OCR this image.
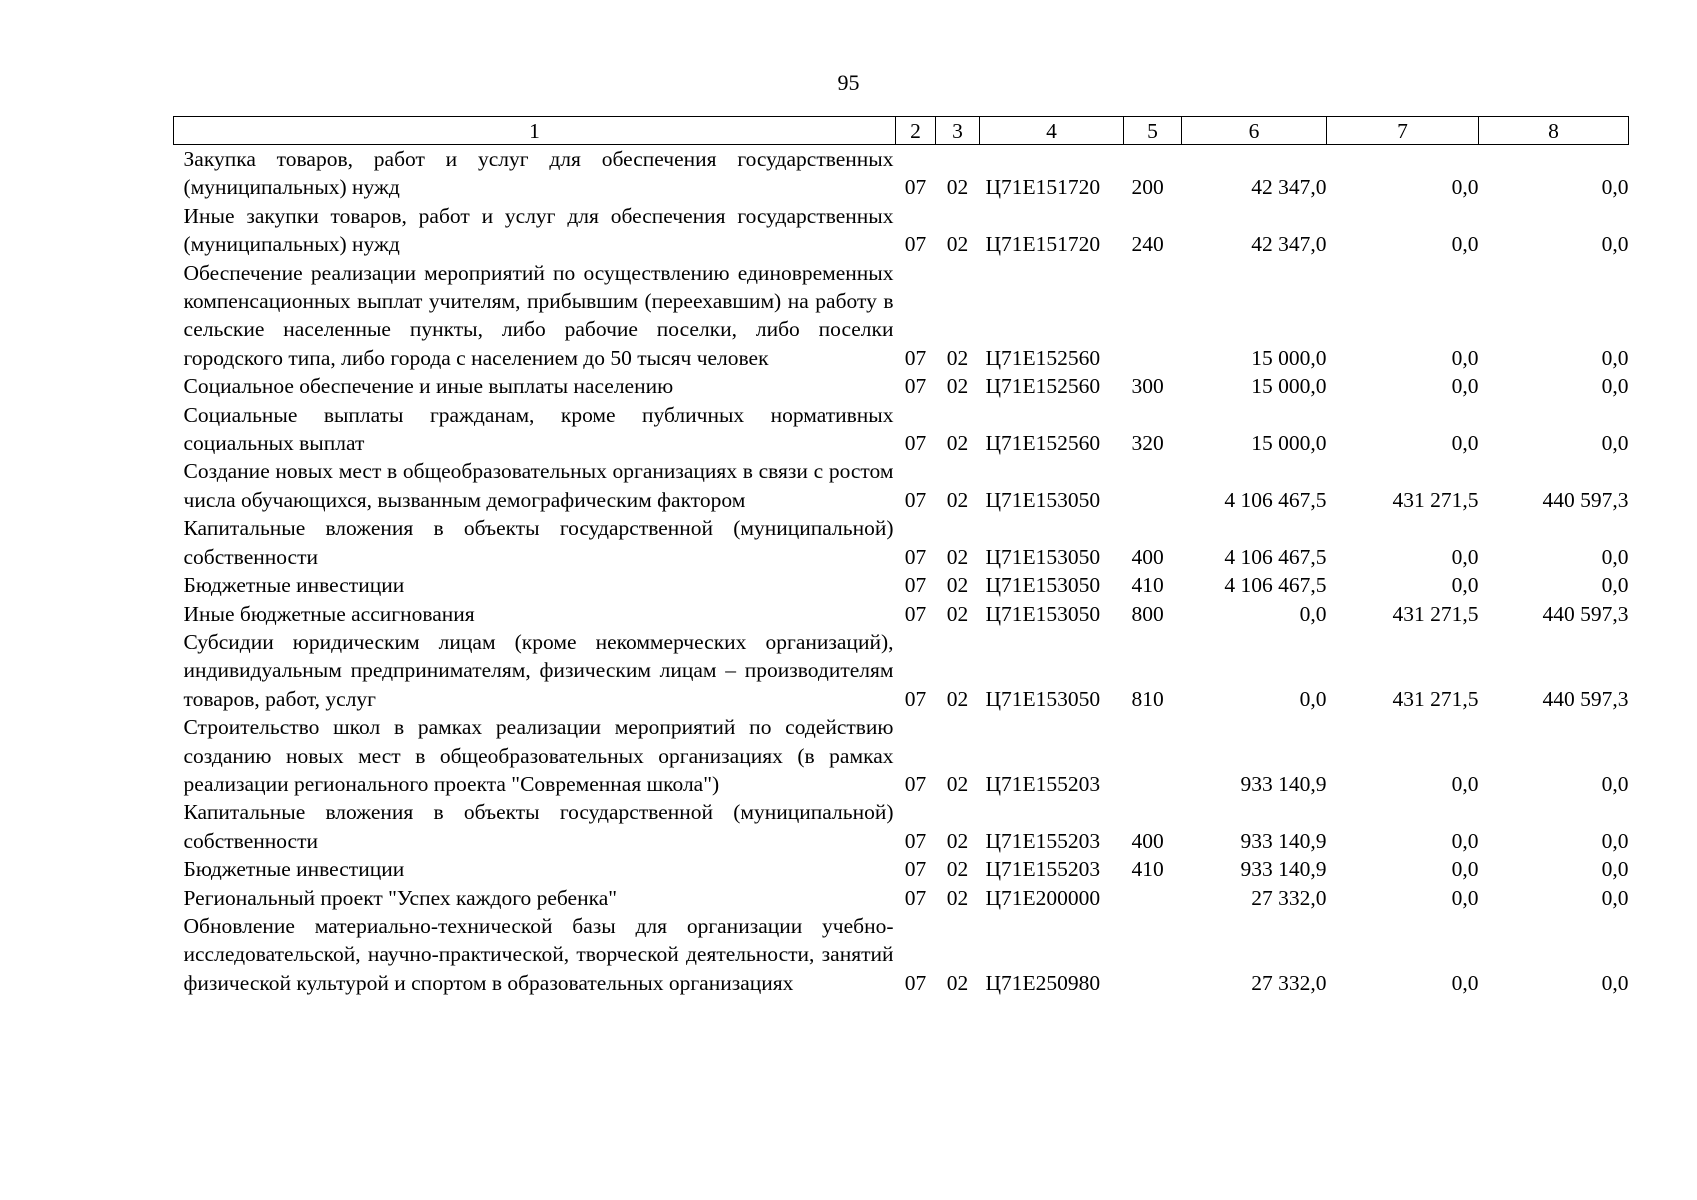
95
1	2	3	4	5	6	7	8
Закупка товаров, работ и услуг для обеспечения государственных (муниципальных) нужд	07	02	Ц71Е151720	200	42 347,0	0,0	0,0
Иные закупки товаров, работ и услуг для обеспечения государственных (муниципальных) нужд	07	02	Ц71Е151720	240	42 347,0	0,0	0,0
Обеспечение реализации мероприятий по осуществлению единовременных компенсационных выплат учителям, прибывшим (переехавшим) на работу в сельские населенные пункты, либо рабочие поселки, либо поселки городского типа, либо города с населением до 50 тысяч человек	07	02	Ц71Е152560		15 000,0	0,0	0,0
Социальное обеспечение и иные выплаты населению	07	02	Ц71Е152560	300	15 000,0	0,0	0,0
Социальные выплаты гражданам, кроме публичных нормативных социальных выплат	07	02	Ц71Е152560	320	15 000,0	0,0	0,0
Создание новых мест в общеобразовательных организациях в связи с ростом числа обучающихся, вызванным демографическим фактором	07	02	Ц71Е153050		4 106 467,5	431 271,5	440 597,3
Капитальные вложения в объекты государственной (муниципальной) собственности	07	02	Ц71Е153050	400	4 106 467,5	0,0	0,0
Бюджетные инвестиции	07	02	Ц71Е153050	410	4 106 467,5	0,0	0,0
Иные бюджетные ассигнования	07	02	Ц71Е153050	800	0,0	431 271,5	440 597,3
Субсидии юридическим лицам (кроме некоммерческих организаций), индивидуальным предпринимателям, физическим лицам – производителям товаров, работ, услуг	07	02	Ц71Е153050	810	0,0	431 271,5	440 597,3
Строительство школ в рамках реализации мероприятий по содействию созданию новых мест в общеобразовательных организациях (в рамках реализации регионального проекта "Современная школа")	07	02	Ц71Е155203		933 140,9	0,0	0,0
Капитальные вложения в объекты государственной (муниципальной) собственности	07	02	Ц71Е155203	400	933 140,9	0,0	0,0
Бюджетные инвестиции	07	02	Ц71Е155203	410	933 140,9	0,0	0,0
Региональный проект "Успех каждого ребенка"	07	02	Ц71Е200000		27 332,0	0,0	0,0
Обновление материально-технической базы для организации учебно-исследовательской, научно-практической, творческой деятельности, занятий физической культурой и спортом в образовательных организациях	07	02	Ц71Е250980		27 332,0	0,0	0,0
